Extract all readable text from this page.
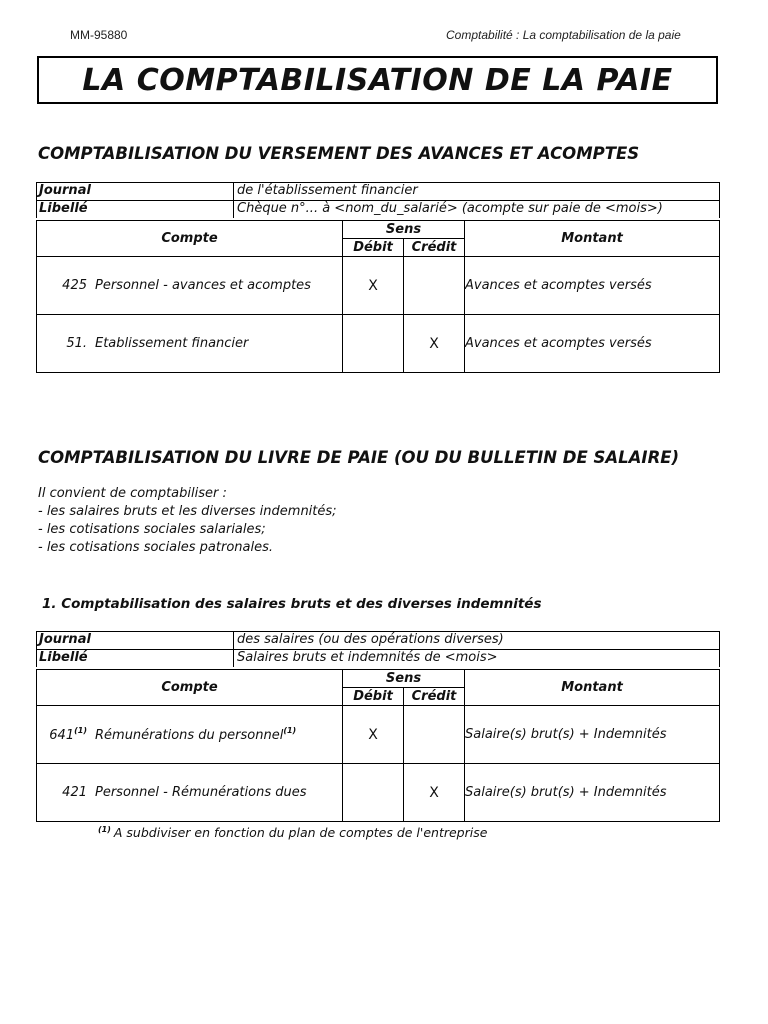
MM-95880	Comptabilité : La comptabilisation de la paie
LA COMPTABILISATION DE LA PAIE
COMPTABILISATION DU VERSEMENT DES AVANCES ET ACOMPTES
Journal	de l'établissement financier
Libellé	Chèque n°... à <nom_du_salarié> (acompte sur paie de <mois>)
Compte	Sens		Montant
	Débit	Crédit	

425 Personnel - avances et acomptes	X		Avances et acomptes versés

51. Etablissement financier		X	Avances et acomptes versés
COMPTABILISATION DU LIVRE DE PAIE (OU DU BULLETIN DE SALAIRE)
Il convient de comptabiliser :
- les salaires bruts et les diverses indemnités;
- les cotisations sociales salariales;
- les cotisations sociales patronales.
1. Comptabilisation des salaires bruts et des diverses indemnités
Journal	des salaires (ou des opérations diverses)
Libellé	Salaires bruts et indemnités de <mois>
Compte	Sens		Montant
	Débit	Crédit	

641$^{(1)}$ Rémunérations du personnel$^{(1)}$	X		Salaire(s) brut(s) + Indemnités

421 Personnel - Rémunérations dues		X	Salaire(s) brut(s) + Indemnités
$^{(1)}$ A subdiviser en fonction du plan de comptes de l'entreprise
